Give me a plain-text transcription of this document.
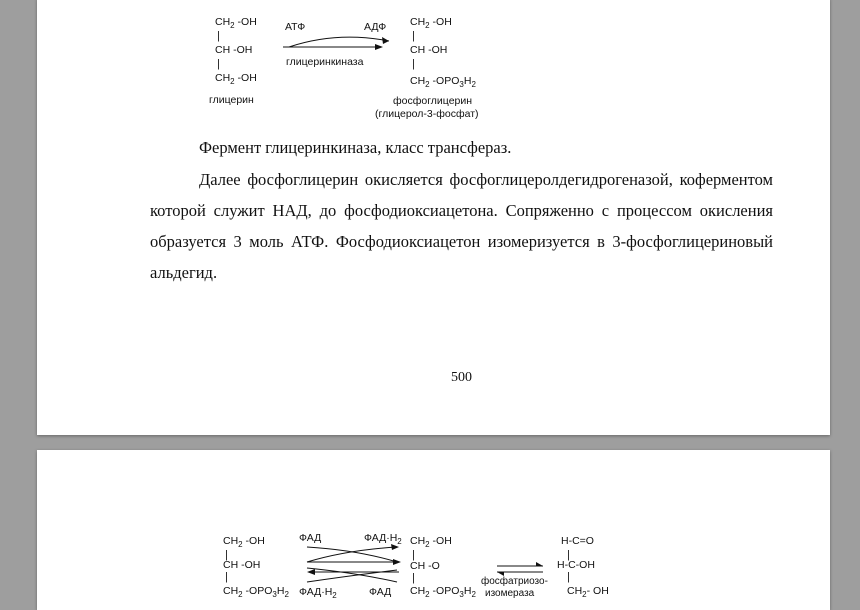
$CH_2$ -OH
|
CH -OH
|
$CH_2$ -OH
глицерин
АТФ	АДФ
глицеринкиназа
$CH_2$ -OH
|
CH -OH
|
$CH_2$ $-OPO_3H_2$
фосфоглицерин
(глицерол-3-фосфат)

Фермент глицеринкиназа, класс трансфераз.

Далее фосфоглицерин окисляется фосфоглицеролдегидрогеназой, коферментом которой служит НАД, до фосфодиоксиацетона. Сопряженно с процессом окисления образуется 3 моль АТФ. Фосфодиоксиацетон изомеризуется в 3-фосфоглицериновый альдегид.

500
$CH_2$ -OH
|
CH -OH
|
$CH_2$ $-OPO_3H_2$
ФАД	$ФАД\cdot H_2$
$ФАД\cdot H_2$	ФАД
$CH_2$ -OH
|
CH -O
|
$CH_2$ $-OPO_3H_2$
фосфатриозо-
изомераза
H-C=O
|
H-C-OH
|
$CH_2-$ OH
